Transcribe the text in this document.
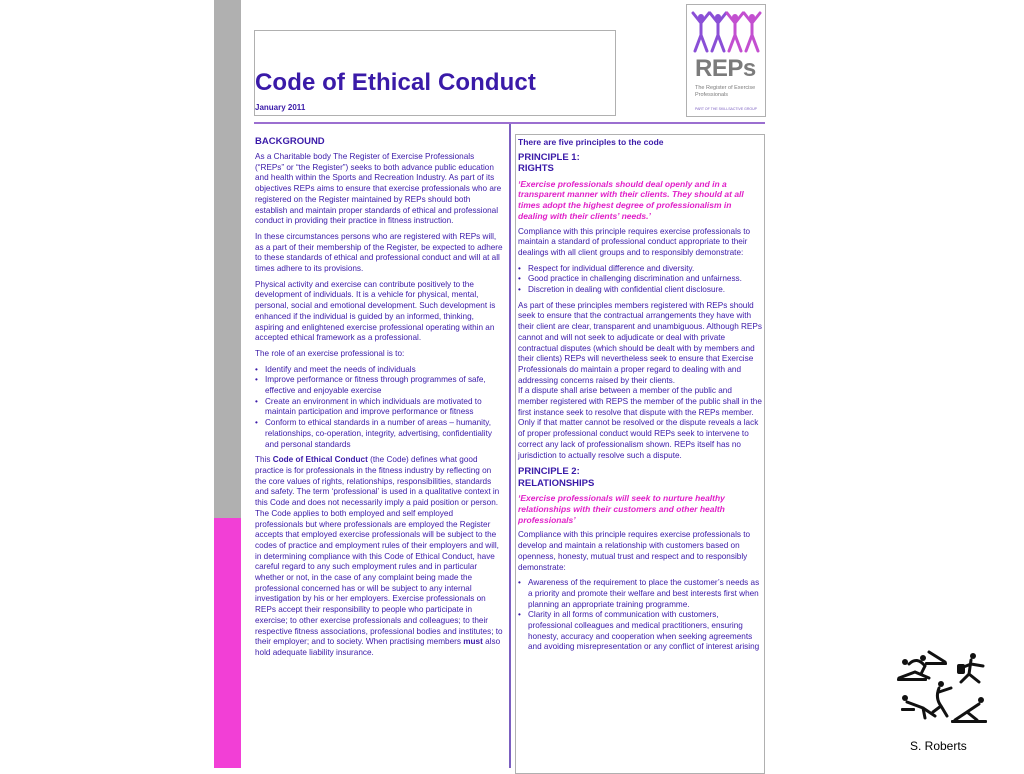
Code of Ethical Conduct
January 2011
REPs
The Register of Exercise Professionals
PART OF THE SKILLSACTIVE GROUP
BACKGROUND

As a Charitable body The Register of Exercise Professionals (“REPs” or “the Register”) seeks to both advance public education and health within the Sports and Recreation Industry. As part of its objectives REPs aims to ensure that exercise professionals who are registered on the Register maintained by REPs should both establish and maintain proper standards of ethical and professional conduct in providing their practice in fitness instruction.

In these circumstances persons who are registered with REPs will, as a part of their membership of the Register, be expected to adhere to these standards of ethical and professional conduct and will at all times adhere to its provisions.

Physical activity and exercise can contribute positively to the development of individuals. It is a vehicle for physical, mental, personal, social and emotional development. Such development is enhanced if the individual is guided by an informed, thinking, aspiring and enlightened exercise professional operating within an accepted ethical framework as a professional.

The role of an exercise professional is to:

• Identify and meet the needs of individuals
• Improve performance or fitness through programmes of safe, effective and enjoyable exercise
• Create an environment in which individuals are motivated to maintain participation and improve performance or fitness
• Conform to ethical standards in a number of areas – humanity, relationships, co-operation, integrity, advertising, confidentiality and personal standards

This Code of Ethical Conduct (the Code) defines what good practice is for professionals in the fitness industry by reflecting on the core values of rights, relationships, responsibilities, standards and safety. The term ‘professional’ is used in a qualitative context in this Code and does not necessarily imply a paid position or person. The Code applies to both employed and self employed professionals but where professionals are employed the Register accepts that employed exercise professionals will be subject to the codes of practice and employment rules of their employers and will, in determining compliance with this Code of Ethical Conduct, have careful regard to any such employment rules and in particular whether or not, in the case of any complaint being made the professional concerned has or will be subject to any internal investigation by his or her employers. Exercise professionals on REPs accept their responsibility to people who participate in exercise; to other exercise professionals and colleagues; to their respective fitness associations, professional bodies and institutes; to their employer; and to society. When practising members must also hold adequate liability insurance.

There are five principles to the code
PRINCIPLE 1:
RIGHTS

‘Exercise professionals should deal openly and in a transparent manner with their clients. They should at all times adopt the highest degree of professionalism in dealing with their clients’ needs.’

Compliance with this principle requires exercise professionals to maintain a standard of professional conduct appropriate to their dealings with all client groups and to responsibly demonstrate:

• Respect for individual difference and diversity.
• Good practice in challenging discrimination and unfairness.
• Discretion in dealing with confidential client disclosure.

As part of these principles members registered with REPs should seek to ensure that the contractual arrangements they have with their client are clear, transparent and unambiguous. Although REPs cannot and will not seek to adjudicate or deal with private contractual disputes (which should be dealt with by members and their clients) REPs will nevertheless seek to ensure that Exercise Professionals do maintain a proper regard to dealing with and addressing concerns raised by their clients.

If a dispute shall arise between a member of the public and member registered with REPS the member of the public shall in the first instance seek to resolve that dispute with the REPs member. Only if that matter cannot be resolved or the dispute reveals a lack of proper professional conduct would REPs seek to intervene to correct any lack of professionalism shown. REPs itself has no jurisdiction to actually resolve such a dispute.

PRINCIPLE 2:
RELATIONSHIPS

‘Exercise professionals will seek to nurture healthy relationships with their customers and other health professionals’

Compliance with this principle requires exercise professionals to develop and maintain a relationship with customers based on openness, honesty, mutual trust and respect and to responsibly demonstrate:

• Awareness of the requirement to place the customer’s needs as a priority and promote their welfare and best interests first when planning an appropriate training programme.
• Clarity in all forms of communication with customers, professional colleagues and medical practitioners, ensuring honesty, accuracy and cooperation when seeking agreements and avoiding misrepresentation or any conflict of interest arising
S. Roberts
